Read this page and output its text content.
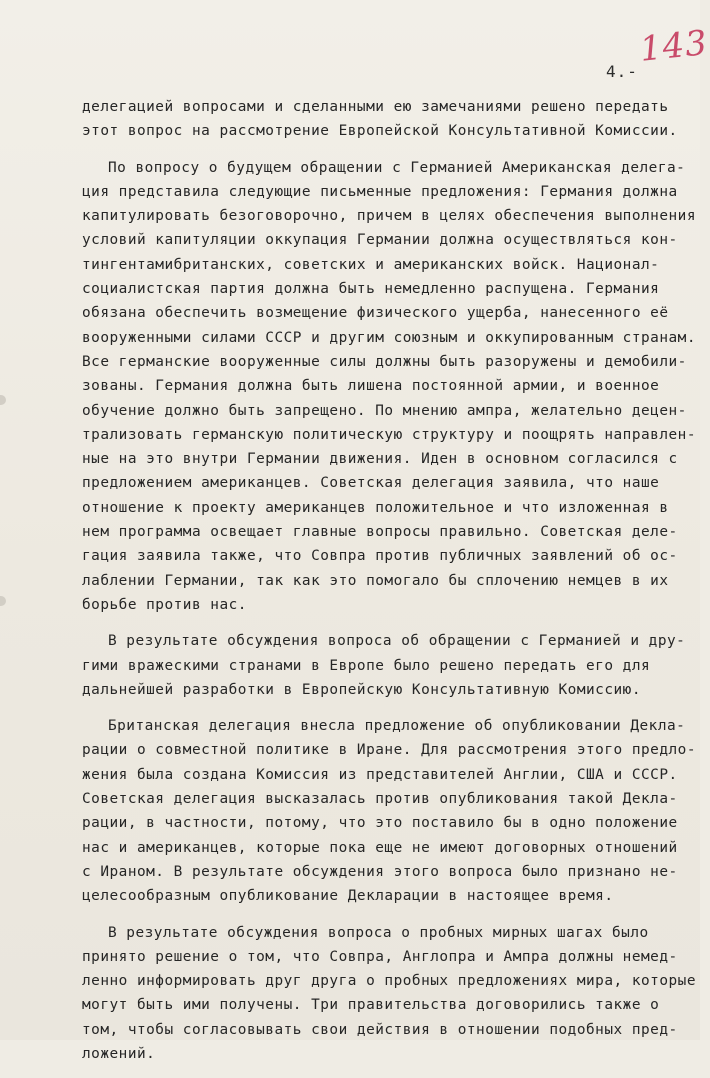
143
4.-
делегацией вопросами и сделанными ею замечаниями решено передать
этот вопрос на рассмотрение Европейской Консультативной Комиссии.
По вопросу о будущем обращении с Германией Американская делега-
ция представила следующие письменные предложения: Германия должна
капитулировать безоговорочно, причем в целях обеспечения выполнения
условий капитуляции оккупация Германии должна осуществляться кон-
тингентамибританских, советских и американских войск. Национал-
социалистская партия должна быть немедленно распущена. Германия
обязана обеспечить возмещение физического ущерба, нанесенного её
вооруженными силами СССР и другим союзным и оккупированным странам.
Все германские вооруженные силы должны быть разоружены и демобили-
зованы. Германия должна быть лишена постоянной армии, и военное
обучение должно быть запрещено. По мнению ампра, желательно децен-
трализовать германскую политическую структуру и поощрять направлен-
ные на это внутри Германии движения. Иден в основном согласился с
предложением американцев. Советская делегация заявила, что наше
отношение к проекту американцев положительное и что изложенная в
нем программа освещает главные вопросы правильно. Советская деле-
гация заявила также, что Совпра против публичных заявлений об ос-
лаблении Германии, так как это помогало бы сплочению немцев в их
борьбе против нас.
В результате обсуждения вопроса об обращении с Германией и дру-
гими вражескими странами в Европе было решено передать его для
дальнейшей разработки в Европейскую Консультативную Комиссию.
Британская делегация внесла предложение об опубликовании Декла-
рации о совместной политике в Иране. Для рассмотрения этого предло-
жения была создана Комиссия из представителей Англии, США и СССР.
Советская делегация высказалась против опубликования такой Декла-
рации, в частности, потому, что это поставило бы в одно положение
нас и американцев, которые пока еще не имеют договорных отношений
с Ираном. В результате обсуждения этого вопроса было признано не-
целесообразным опубликование Декларации в настоящее время.
В результате обсуждения вопроса о пробных мирных шагах было
принято решение о том, что Совпра, Англопра и Ампра должны немед-
ленно информировать друг друга о пробных предложениях мира, которые
могут быть ими получены. Три правительства договорились также о
том, чтобы согласовывать свои действия в отношении подобных пред-
ложений.
